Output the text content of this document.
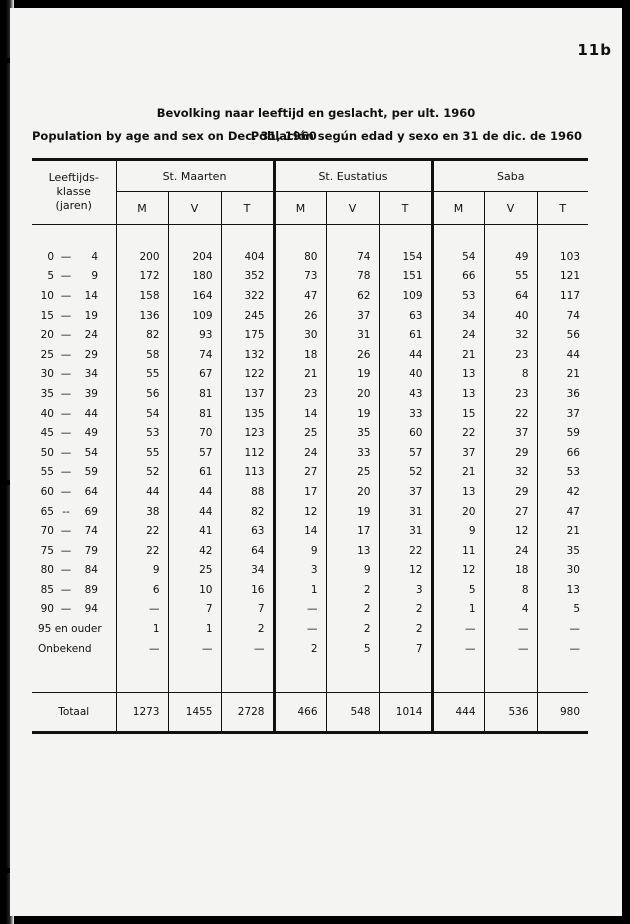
11b
Bevolking naar leeftijd en geslacht, per ult. 1960
Population by age and sex on Dec. 31, 1960
Población según edad y sexo en 31 de dic. de 1960
Leeftijds-
klasse
(jaren)	St. Maarten			St. Eustatius			Saba		
	M	V	T	M	V	T	M	V	T

0 — 4	200	204	404	80	74	154	54	49	103
5 — 9	172	180	352	73	78	151	66	55	121
10 — 14	158	164	322	47	62	109	53	64	117
15 — 19	136	109	245	26	37	63	34	40	74
20 — 24	82	93	175	30	31	61	24	32	56
25 — 29	58	74	132	18	26	44	21	23	44
30 — 34	55	67	122	21	19	40	13	8	21
35 — 39	56	81	137	23	20	43	13	23	36
40 — 44	54	81	135	14	19	33	15	22	37
45 — 49	53	70	123	25	35	60	22	37	59
50 — 54	55	57	112	24	33	57	37	29	66
55 — 59	52	61	113	27	25	52	21	32	53
60 — 64	44	44	88	17	20	37	13	29	42
65 -- 69	38	44	82	12	19	31	20	27	47
70 — 74	22	41	63	14	17	31	9	12	21
75 — 79	22	42	64	9	13	22	11	24	35
80 — 84	9	25	34	3	9	12	12	18	30
85 — 89	6	10	16	1	2	3	5	8	13
90 — 94	—	7	7	—	2	2	1	4	5
95 en ouder	1	1	2	—	2	2	—	—	—
Onbekend	—	—	—	2	5	7	—	—	—

Totaal	1273	1455	2728	466	548	1014	444	536	980
